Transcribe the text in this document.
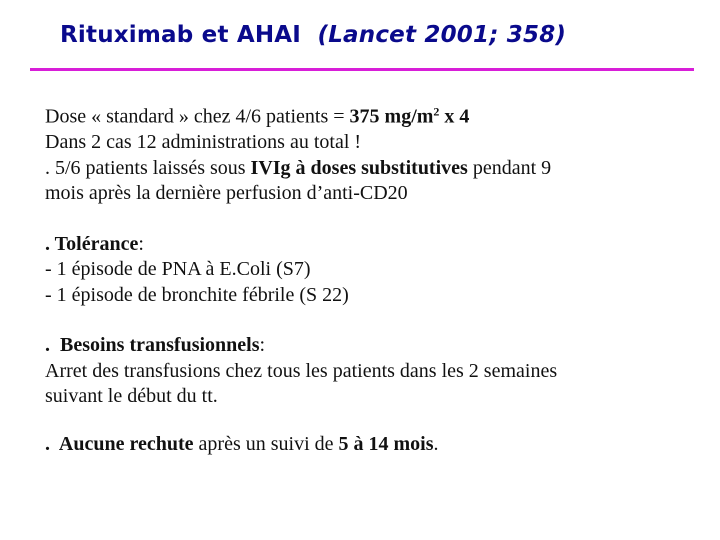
Rituximab et AHAI (Lancet 2001; 358)

Dose « standard » chez 4/6 patients = 375 $mg/m^2$ x 4

Dans 2 cas 12 administrations au total !

. 5/6 patients laissés sous IVIg à doses substitutives pendant 9

mois après la dernière perfusion d’anti-CD20

. Tolérance:

- 1 épisode de PNA à E.Coli (S7)

- 1 épisode de bronchite fébrile (S 22)

.  Besoins transfusionnels:

Arret des transfusions chez tous les patients dans les 2 semaines

suivant le début du tt.

.  Aucune rechute après un suivi de 5 à 14 mois.
